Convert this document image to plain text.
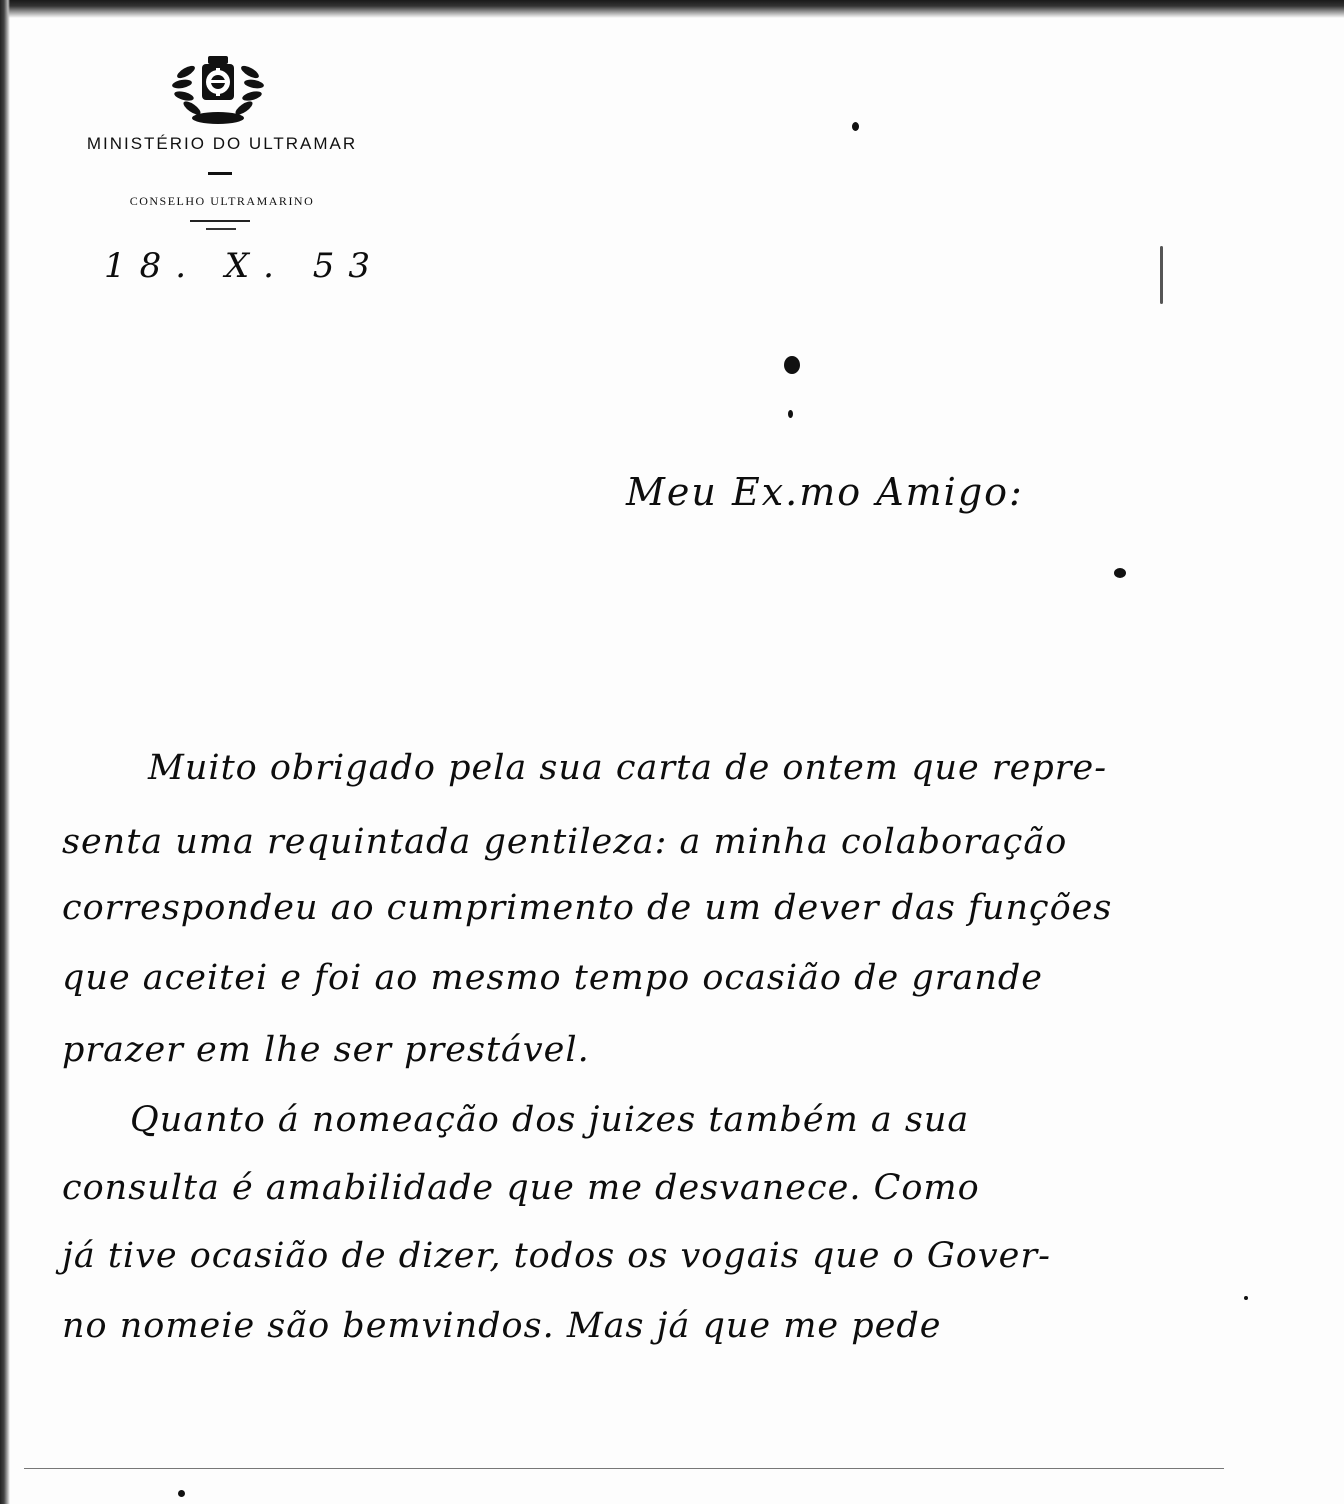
MINISTÉRIO DO ULTRAMAR
CONSELHO ULTRAMARINO
18. X. 53
Meu Ex.mo Amigo:
Muito obrigado pela sua carta de ontem que repre-
senta uma requintada gentileza: a minha colaboração
correspondeu ao cumprimento de um dever das funções
que aceitei e foi ao mesmo tempo ocasião de grande
prazer em lhe ser prestável.
Quanto á nomeação dos juizes também a sua
consulta é amabilidade que me desvanece. Como
já tive ocasião de dizer, todos os vogais que o Gover-
no nomeie são bemvindos. Mas já que me pede
